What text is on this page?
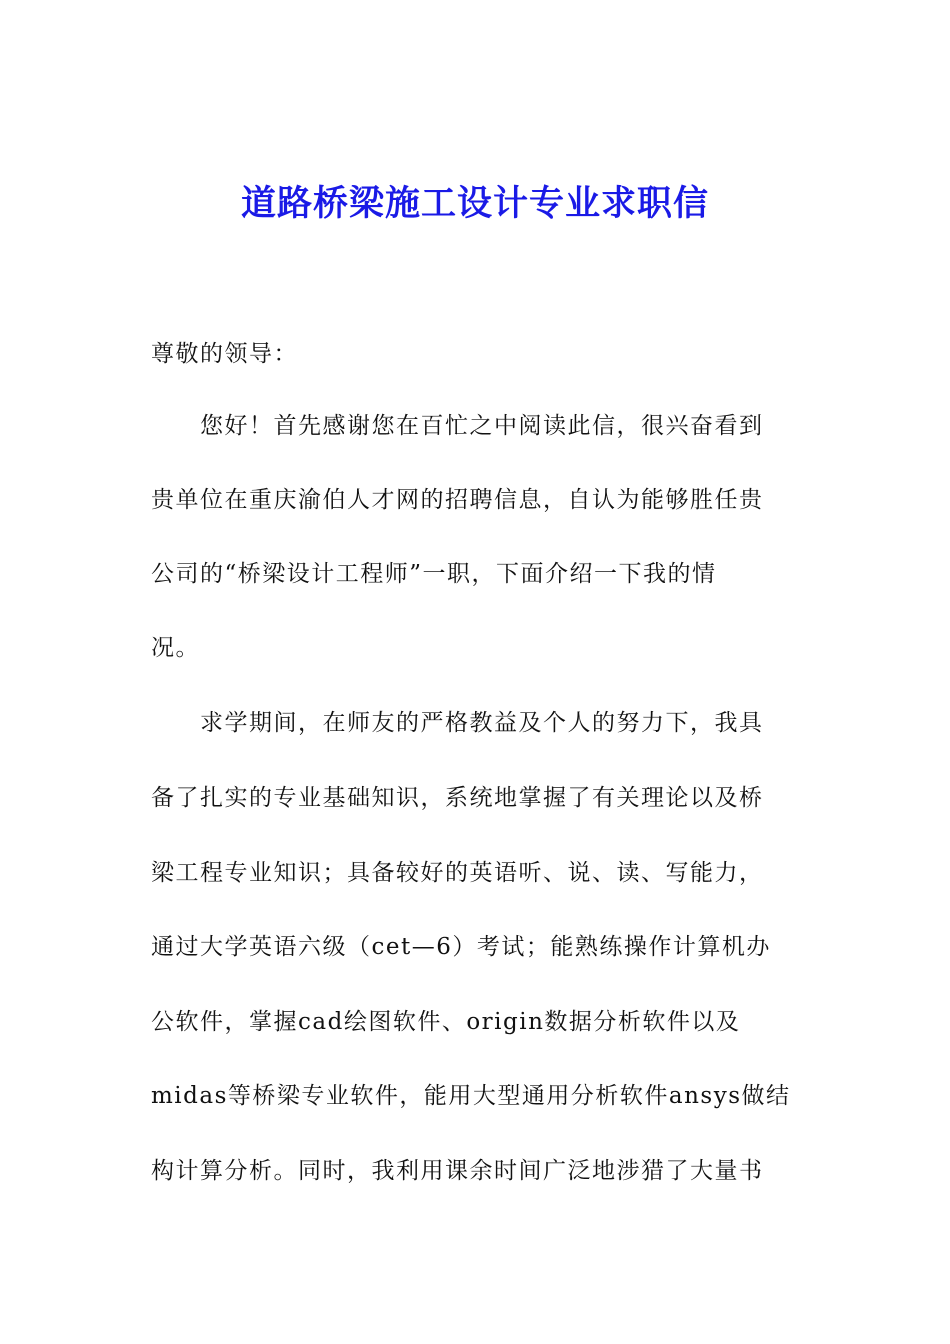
道路桥梁施工设计专业求职信
尊敬的领导：
　　您好！首先感谢您在百忙之中阅读此信，很兴奋看到
贵单位在重庆渝伯人才网的招聘信息，自认为能够胜任贵
公司的“桥梁设计工程师”一职，下面介绍一下我的情
况。
　　求学期间，在师友的严格教益及个人的努力下，我具
备了扎实的专业基础知识，系统地掌握了有关理论以及桥
梁工程专业知识；具备较好的英语听、说、读、写能力，
通过大学英语六级（cet—6）考试；能熟练操作计算机办
公软件，掌握cad绘图软件、origin数据分析软件以及
midas等桥梁专业软件，能用大型通用分析软件ansys做结
构计算分析。同时，我利用课余时间广泛地涉猎了大量书
